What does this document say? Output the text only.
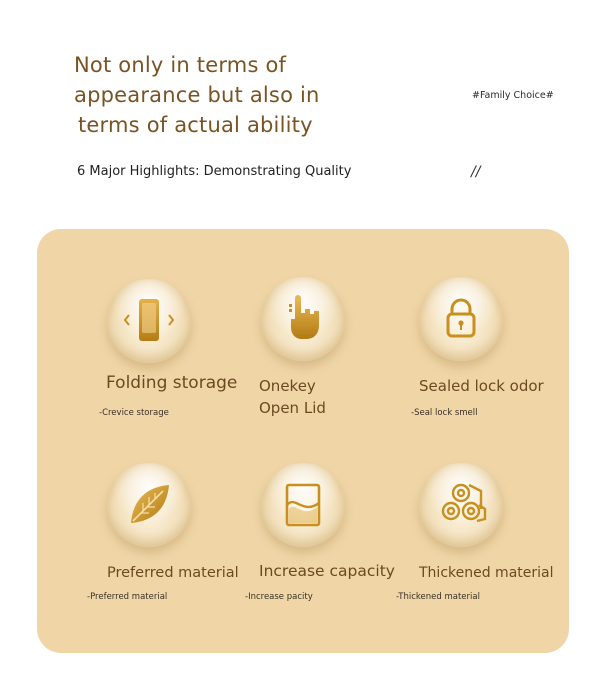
Not only in terms of
appearance but also in
terms of actual ability
#Family Choice#
6 Major Highlights: Demonstrating Quality	//
Folding storage
-Crevice storage
Onekey
Open Lid
Sealed lock odor
-Seal lock smell
Preferred material
-Preferred material
Increase capacity
-Increase pacity
Thickened material
-Thickened material
